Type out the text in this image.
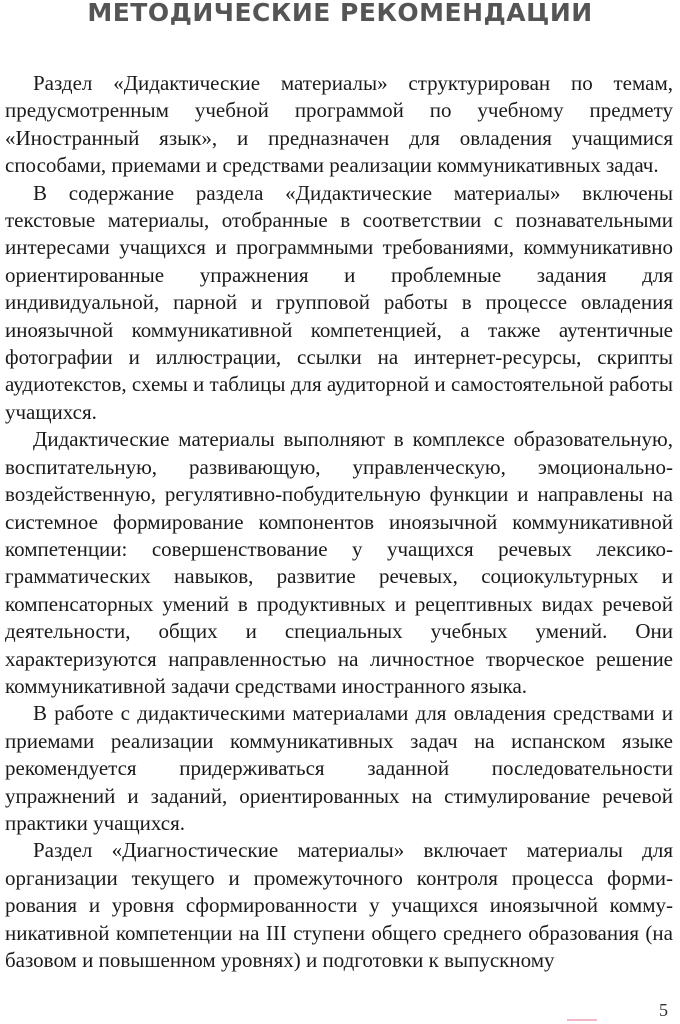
МЕТОДИЧЕСКИЕ РЕКОМЕНДАЦИИ

Раздел «Дидактические материалы» структурирован по темам, предусмотренным учебной программой по учебному предмету «Иностранный язык», и предназначен для овладения учащимися способами, приемами и средствами реализации коммуникативных задач.

В содержание раздела «Дидактические материалы» включены текстовые материалы, отобранные в соответствии с познавательными интересами учащихся и программными требованиями, коммуникативно ориентированные упражнения и проблемные задания для индивидуальной, парной и групповой работы в процессе овладения иноязычной коммуникативной компетенцией, а также аутентичные фотографии и иллюстрации, ссылки на интернет-ресурсы, скрипты аудиотекстов, схемы и таблицы для аудиторной и самостоятельной работы учащихся.

Дидактические материалы выполняют в комплексе образовательную, воспитательную, развивающую, управленческую, эмоционально-воздейственную, регулятивно-побудительную функции и направлены на системное формирование компонентов иноязычной коммуникативной компетенции: совершенствование у учащихся речевых лексико-грамматических навыков, развитие речевых, социокультурных и компенсаторных умений в продуктивных и рецептивных видах речевой деятельности, общих и специальных учебных умений. Они характеризуются направленностью на личностное творческое решение коммуникативной задачи средствами иностранного языка.

В работе с дидактическими материалами для овладения средствами и приемами реализации коммуникативных задач на испанском языке рекомендуется придерживаться заданной последовательности упражнений и заданий, ориентированных на стимулирование речевой практики учащихся.

Раздел «Диагностические материалы» включает материалы для организации текущего и промежуточного контроля процесса формирования и уровня сформированности у учащихся иноязычной коммуникативной компетенции на III ступени общего среднего образования (на базовом и повышенном уровнях) и подготовки к выпускному

5
